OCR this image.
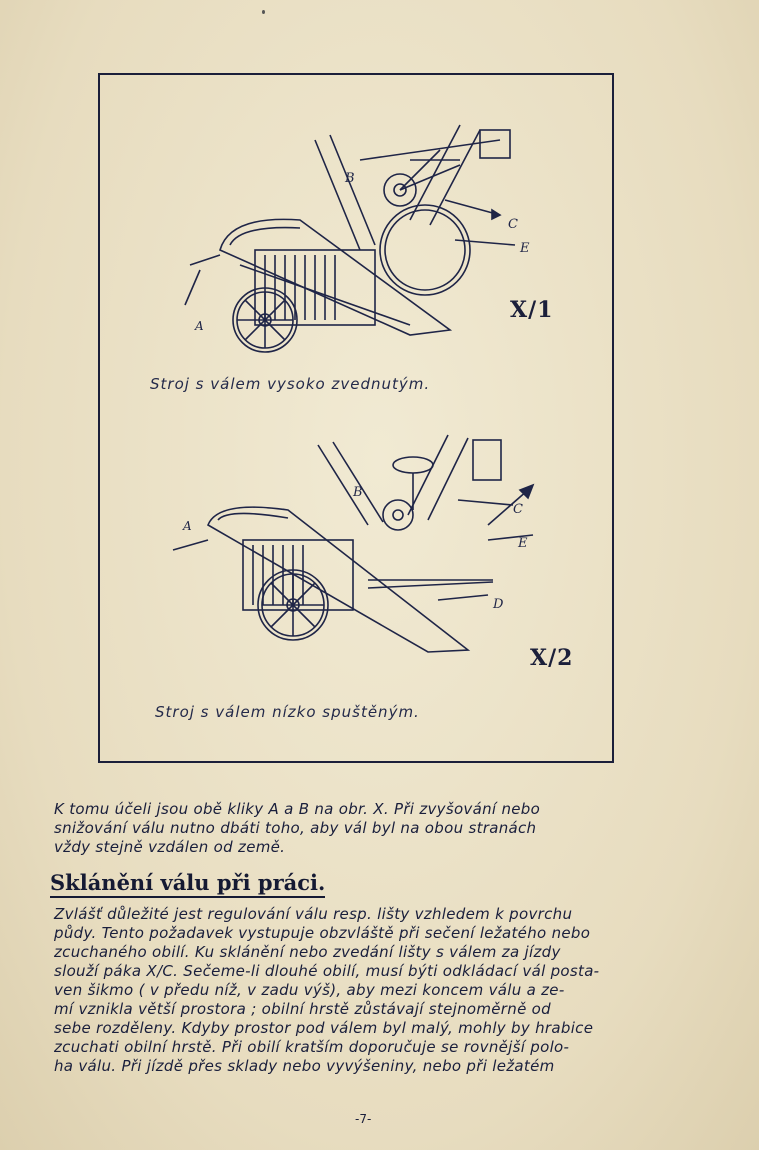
B
C
E
A
X/1
Stroj s válem vysoko zvednutým.
B
C
E
D
A
X/2
Stroj s válem nízko spuštěným.
K tomu účeli jsou obě kliky A a B na obr. X. Při zvyšování nebo
snižování válu nutno dbáti toho, aby vál byl na obou stranách
vždy stejně vzdálen od země.
Sklánění válu při práci.
Zvlášť důležité jest regulování válu resp. lišty vzhledem k povrchu
půdy. Tento požadavek vystupuje obzvláště při sečení ležatého nebo
zcuchaného obilí. Ku sklánění nebo zvedání lišty s válem za jízdy
slouží páka X/C. Sečeme-li dlouhé obilí, musí býti odkládací vál posta-
ven šikmo ( v předu níž, v zadu výš), aby mezi koncem válu a ze-
mí vznikla větší prostora ; obilní hrstě zůstávají stejnoměrně od
sebe rozděleny. Kdyby prostor pod válem byl malý, mohly by hrabice
zcuchati obilní hrstě. Při obilí kratším doporučuje se rovnější polo-
ha válu. Při jízdě přes sklady nebo vyvýšeniny, nebo při ležatém
-7-
